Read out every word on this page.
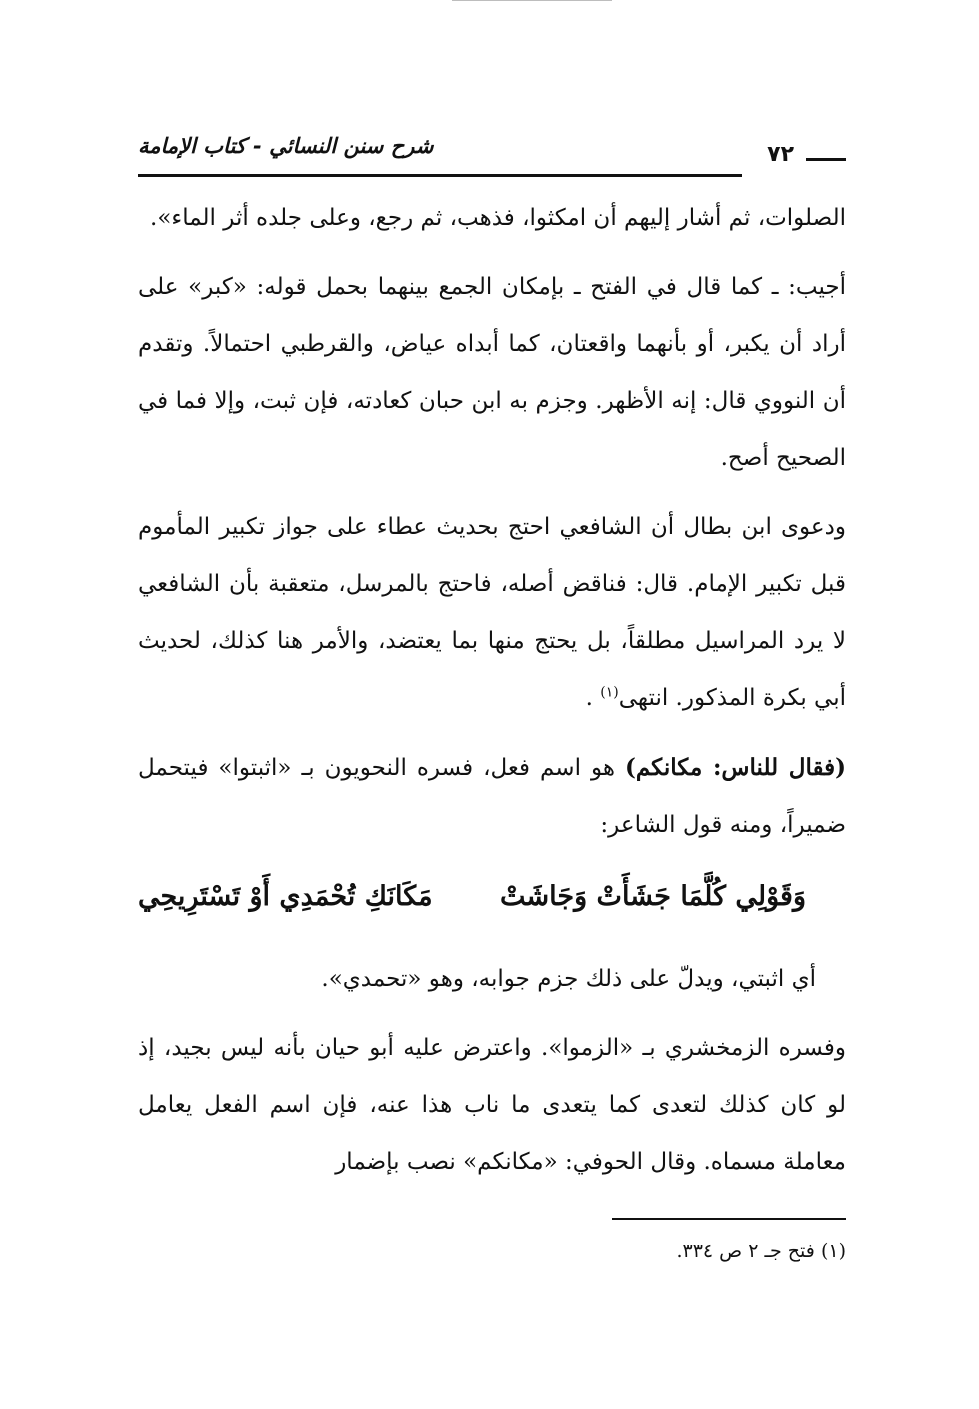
شرح سنن النسائي - كتاب الإمامة	٧٢

الصلوات، ثم أشار إليهم أن امكثوا، فذهب، ثم رجع، وعلى جلده أثر الماء».

أجيب: ـ كما قال في الفتح ـ بإمكان الجمع بينهما بحمل قوله: «كبر» على أراد أن يكبر، أو بأنهما واقعتان، كما أبداه عياض، والقرطبي احتمالاً. وتقدم أن النووي قال: إنه الأظهر. وجزم به ابن حبان كعادته، فإن ثبت، وإلا فما في الصحيح أصح.

ودعوى ابن بطال أن الشافعي احتج بحديث عطاء على جواز تكبير المأموم قبل تكبير الإمام. قال: فناقض أصله، فاحتج بالمرسل، متعقبة بأن الشافعي لا يرد المراسيل مطلقاً، بل يحتج منها بما يعتضد، والأمر هنا كذلك، لحديث أبي بكرة المذكور. انتهى$^{(١)}$ .

(فقال للناس: مكانكم) هو اسم فعل، فسره النحويون بـ «اثبتوا» فيتحمل ضميراً، ومنه قول الشاعر:

وَقَوْلِي كُلَّمَا جَشَأَتْ وَجَاشَتْ
مَكَانَكِ تُحْمَدِي أَوْ تَسْتَرِيحِي

أي اثبتي، ويدلّ على ذلك جزم جوابه، وهو «تحمدي».

وفسره الزمخشري بـ «الزموا». واعترض عليه أبو حيان بأنه ليس بجيد، إذ لو كان كذلك لتعدى كما يتعدى ما ناب هذا عنه، فإن اسم الفعل يعامل معاملة مسماه. وقال الحوفي: «مكانكم» نصب بإضمار

(١) فتح جـ ٢ ص ٣٣٤.
